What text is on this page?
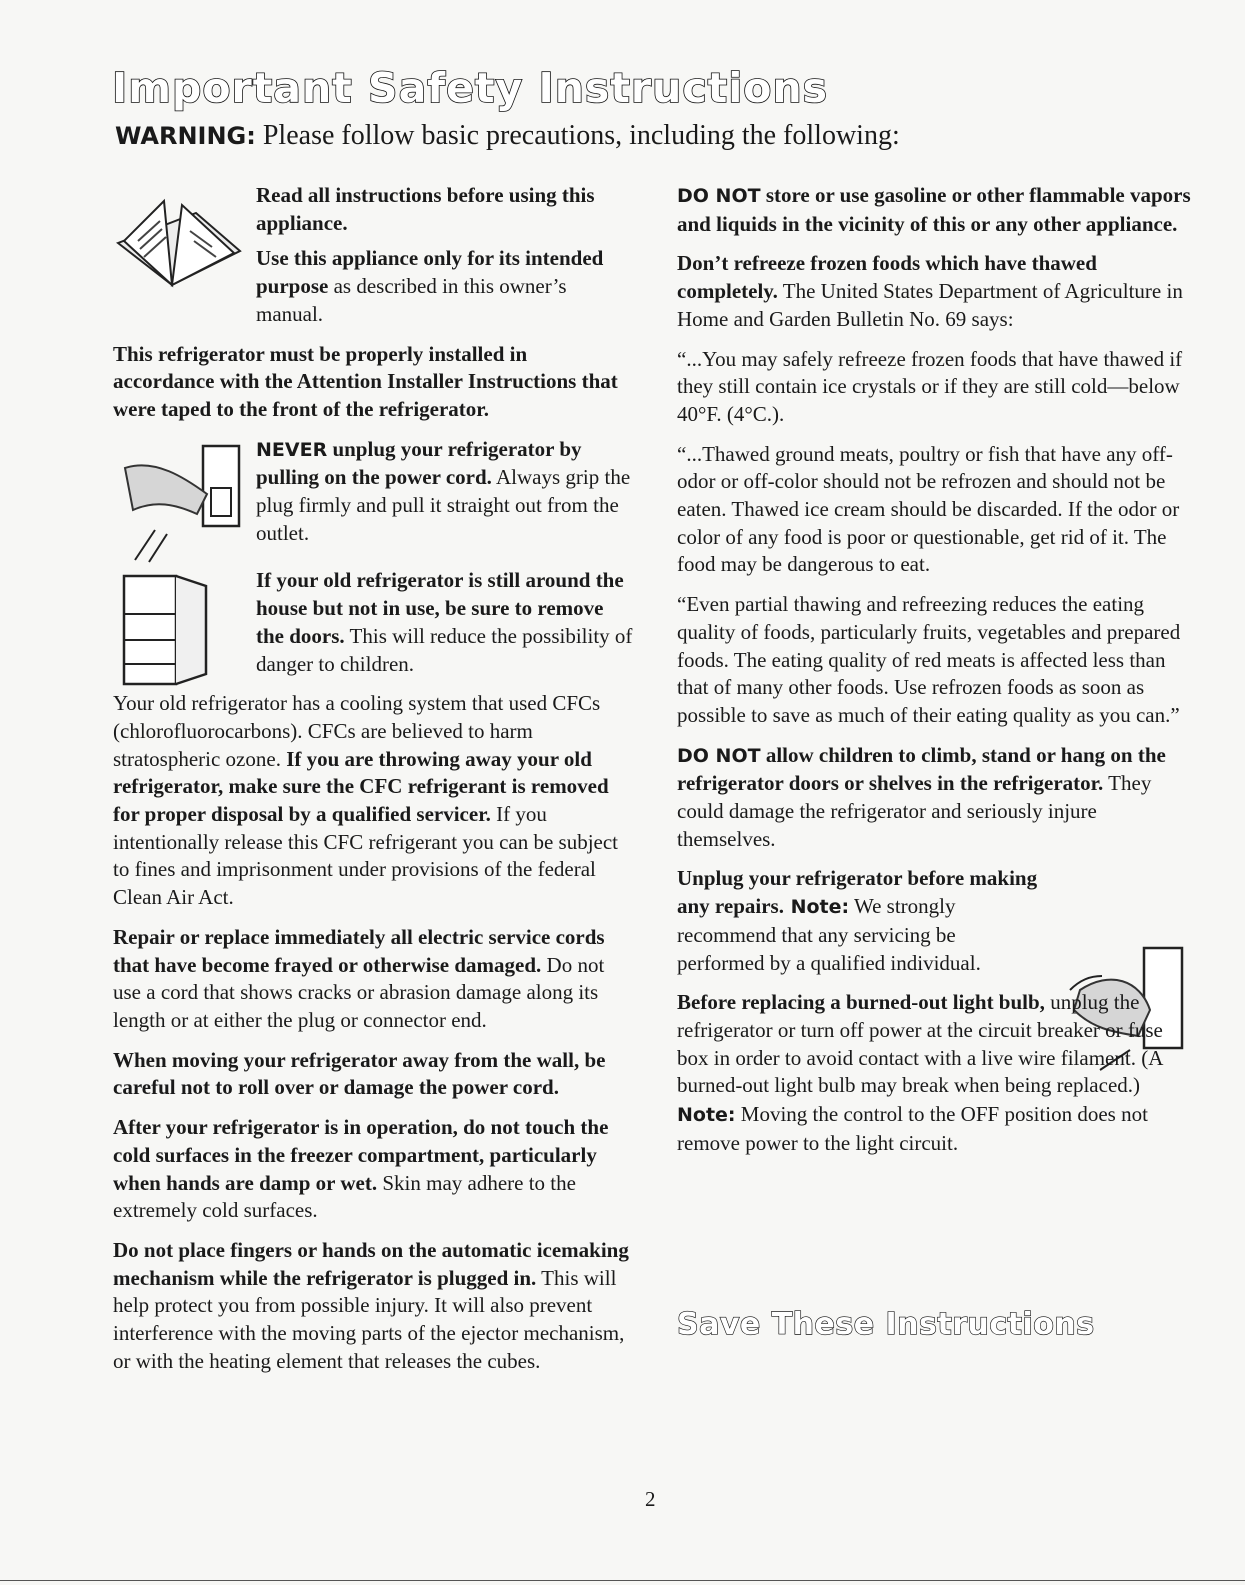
Important Safety Instructions
WARNING: Please follow basic precautions, including the following:

Read all instructions before using this appliance.

Use this appliance only for its intended purpose as described in this owner’s manual.

This refrigerator must be properly installed in accordance with the Attention Installer Instructions that were taped to the front of the refrigerator.

NEVER unplug your refrigerator by pulling on the power cord. Always grip the plug firmly and pull it straight out from the outlet.

If your old refrigerator is still around the house but not in use, be sure to remove the doors. This will reduce the possibility of danger to children.

Your old refrigerator has a cooling system that used CFCs (chlorofluorocarbons). CFCs are believed to harm stratospheric ozone. If you are throwing away your old refrigerator, make sure the CFC refrigerant is removed for proper disposal by a qualified servicer. If you intentionally release this CFC refrigerant you can be subject to fines and imprisonment under provisions of the federal Clean Air Act.

Repair or replace immediately all electric service cords that have become frayed or otherwise damaged. Do not use a cord that shows cracks or abrasion damage along its length or at either the plug or connector end.

When moving your refrigerator away from the wall, be careful not to roll over or damage the power cord.

After your refrigerator is in operation, do not touch the cold surfaces in the freezer compartment, particularly when hands are damp or wet. Skin may adhere to the extremely cold surfaces.

Do not place fingers or hands on the automatic icemaking mechanism while the refrigerator is plugged in. This will help protect you from possible injury. It will also prevent interference with the moving parts of the ejector mechanism, or with the heating element that releases the cubes.

DO NOT store or use gasoline or other flammable vapors and liquids in the vicinity of this or any other appliance.

Don’t refreeze frozen foods which have thawed completely. The United States Department of Agriculture in Home and Garden Bulletin No. 69 says:

“...You may safely refreeze frozen foods that have thawed if they still contain ice crystals or if they are still cold—below 40°F. (4°C.).

“...Thawed ground meats, poultry or fish that have any off-odor or off-color should not be refrozen and should not be eaten. Thawed ice cream should be discarded. If the odor or color of any food is poor or questionable, get rid of it. The food may be dangerous to eat.

“Even partial thawing and refreezing reduces the eating quality of foods, particularly fruits, vegetables and prepared foods. The eating quality of red meats is affected less than that of many other foods. Use refrozen foods as soon as possible to save as much of their eating quality as you can.”

DO NOT allow children to climb, stand or hang on the refrigerator doors or shelves in the refrigerator. They could damage the refrigerator and seriously injure themselves.

Unplug your refrigerator before making any repairs. Note: We strongly recommend that any servicing be performed by a qualified individual.

Before replacing a burned-out light bulb, unplug the refrigerator or turn off power at the circuit breaker or fuse box in order to avoid contact with a live wire filament. (A burned-out light bulb may break when being replaced.) Note: Moving the control to the OFF position does not remove power to the light circuit.

Save These Instructions
2
